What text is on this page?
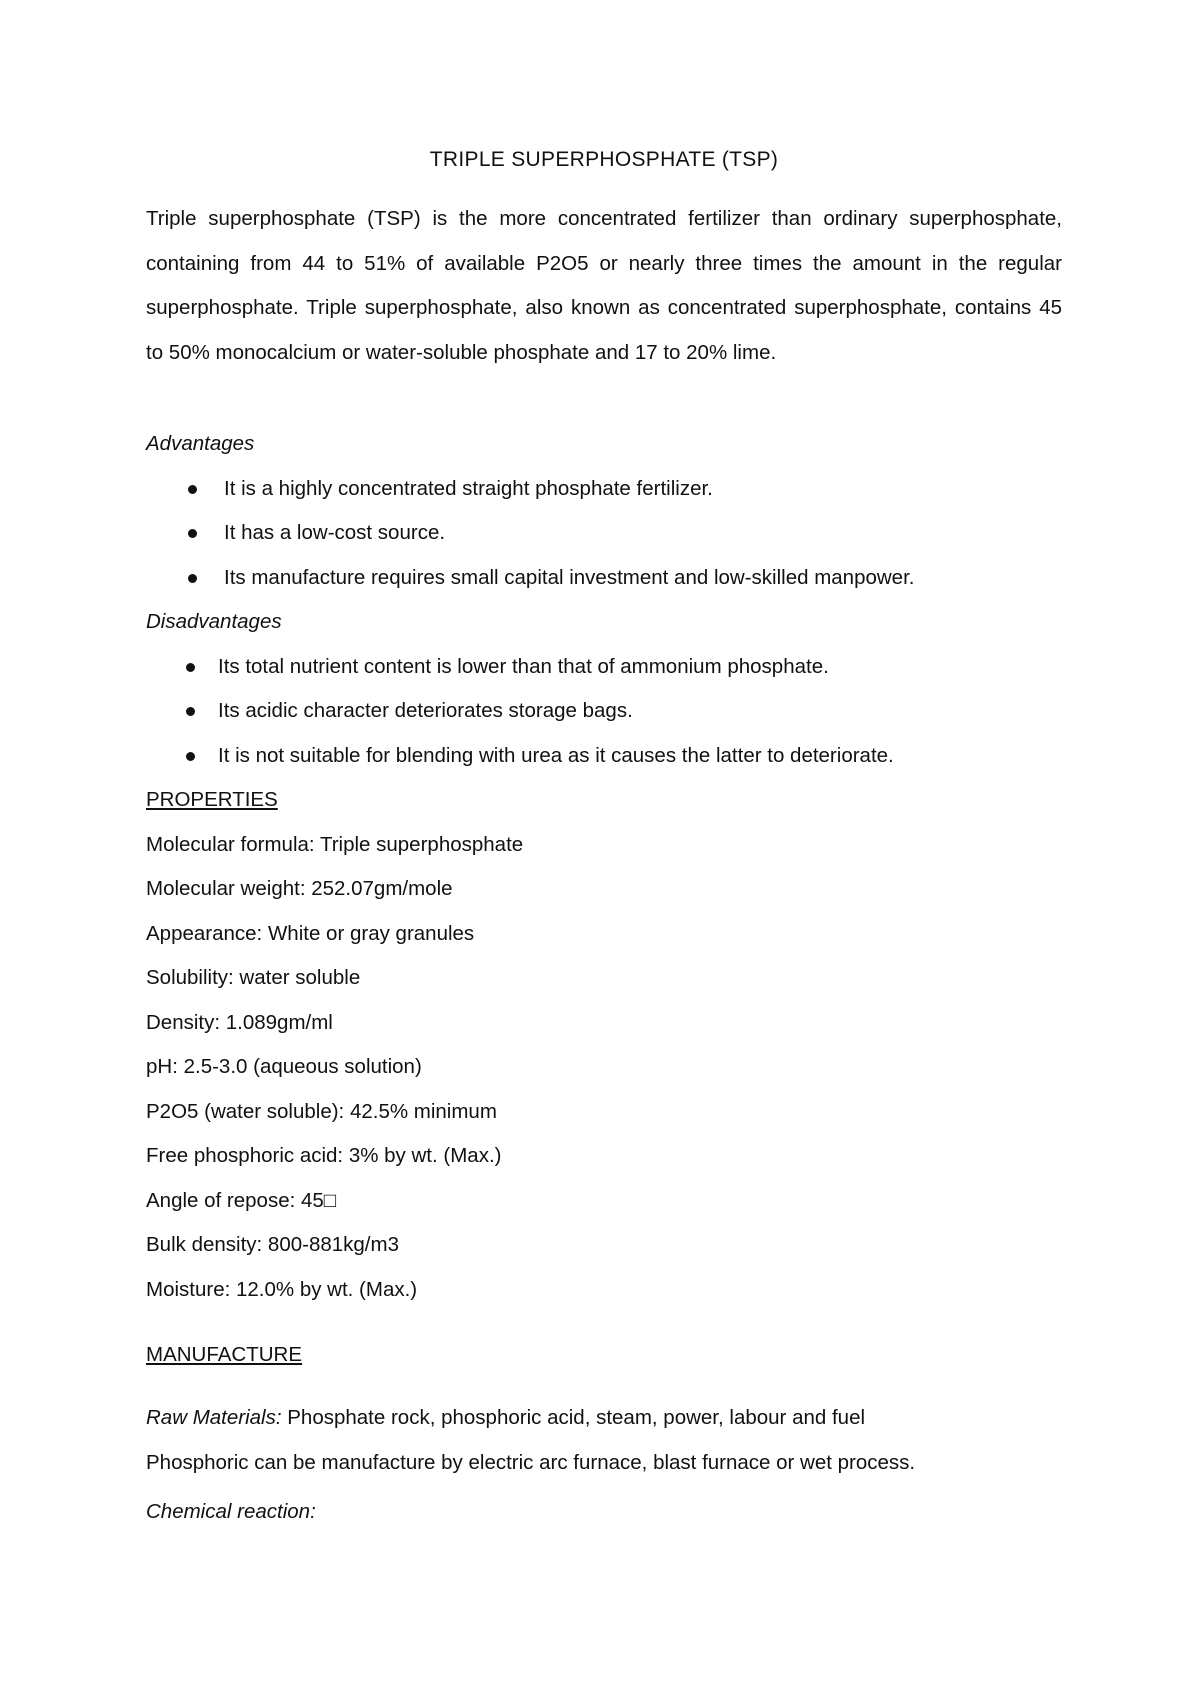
TRIPLE SUPERPHOSPHATE (TSP)

Triple superphosphate (TSP) is the more concentrated fertilizer than ordinary superphosphate, containing from 44 to 51% of available P2O5 or nearly three times the amount in the regular superphosphate. Triple superphosphate, also known as concentrated superphosphate, contains 45 to 50% monocalcium or water-soluble phosphate and 17 to 20% lime.

Advantages
It is a highly concentrated straight phosphate fertilizer.
It has a low-cost source.
Its manufacture requires small capital investment and low-skilled manpower.
Disadvantages
Its total nutrient content is lower than that of ammonium phosphate.
Its acidic character deteriorates storage bags.
It is not suitable for blending with urea as it causes the latter to deteriorate.
PROPERTIES
Molecular formula: Triple superphosphate
Molecular weight: 252.07gm/mole
Appearance: White or gray granules
Solubility: water soluble
Density: 1.089gm/ml
pH: 2.5-3.0 (aqueous solution)
P2O5 (water soluble): 42.5% minimum
Free phosphoric acid: 3% by wt. (Max.)
Angle of repose: 45□
Bulk density: 800-881kg/m3
Moisture: 12.0% by wt. (Max.)
MANUFACTURE
Raw Materials: Phosphate rock, phosphoric acid, steam, power, labour and fuel
Phosphoric can be manufacture by electric arc furnace, blast furnace or wet process.
Chemical reaction:
